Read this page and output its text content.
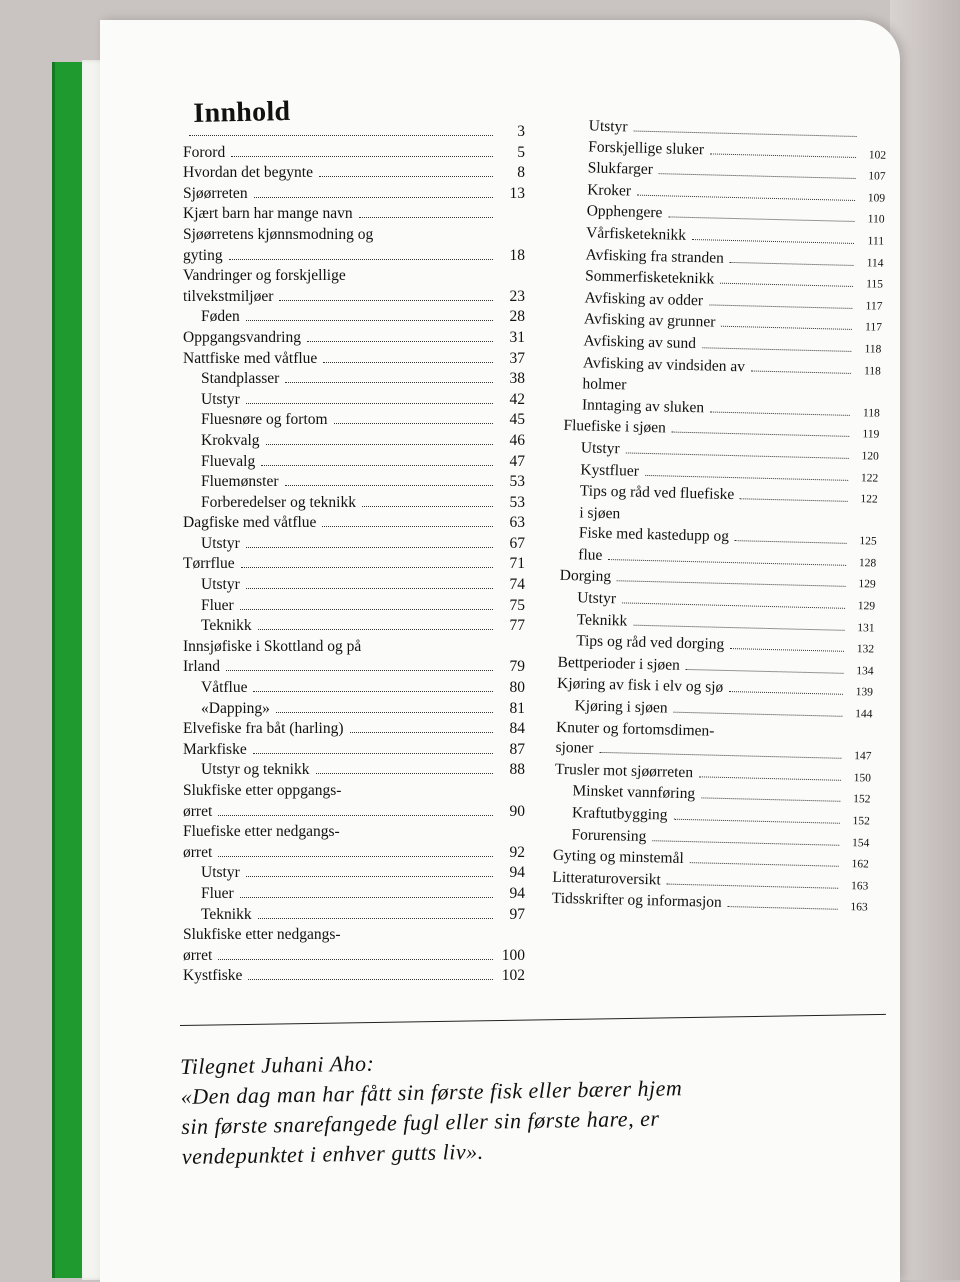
Innhold
3
Forord	5
Hvordan det begynte	8
Sjøørreten	13
Kjært barn har mange navn
Sjøørretens kjønnsmodning og
gyting	18
Vandringer og forskjellige
tilvekstmiljøer	23
Føden	28
Oppgangsvandring	31
Nattfiske med våtflue	37
Standplasser	38
Utstyr	42
Fluesnøre og fortom	45
Krokvalg	46
Fluevalg	47
Fluemønster	53
Forberedelser og teknikk	53
Dagfiske med våtflue	63
Utstyr	67
Tørrflue	71
Utstyr	74
Fluer	75
Teknikk	77
Innsjøfiske i Skottland og på
Irland	79
Våtflue	80
«Dapping»	81
Elvefiske fra båt (harling)	84
Markfiske	87
Utstyr og teknikk	88
Slukfiske etter oppgangs-
ørret	90
Fluefiske etter nedgangs-
ørret	92
Utstyr	94
Fluer	94
Teknikk	97
Slukfiske etter nedgangs-
ørret	100
Kystfiske	102
Utstyr
Forskjellige sluker	102
Slukfarger	107
Kroker	109
Opphengere	110
Vårfisketeknikk	111
Avfisking fra stranden	114
Sommerfisketeknikk	115
Avfisking av odder	117
Avfisking av grunner	117
Avfisking av sund	118
Avfisking av vindsiden av	118
holmer
Inntaging av sluken	118
Fluefiske i sjøen	119
Utstyr	120
Kystfluer	122
Tips og råd ved fluefiske	122
i sjøen
Fiske med kastedupp og	125
flue	128
Dorging	129
Utstyr	129
Teknikk	131
Tips og råd ved dorging	132
Bettperioder i sjøen	134
Kjøring av fisk i elv og sjø	139
Kjøring i sjøen	144
Knuter og fortomsdimen-
sjoner	147
Trusler mot sjøørreten	150
Minsket vannføring	152
Kraftutbygging	152
Forurensing	154
Gyting og minstemål	162
Litteraturoversikt	163
Tidsskrifter og informasjon	163
Tilegnet Juhani Aho:
«Den dag man har fått sin første fisk eller bærer hjem
sin første snarefangede fugl eller sin første hare, er
vendepunktet i enhver gutts liv».
